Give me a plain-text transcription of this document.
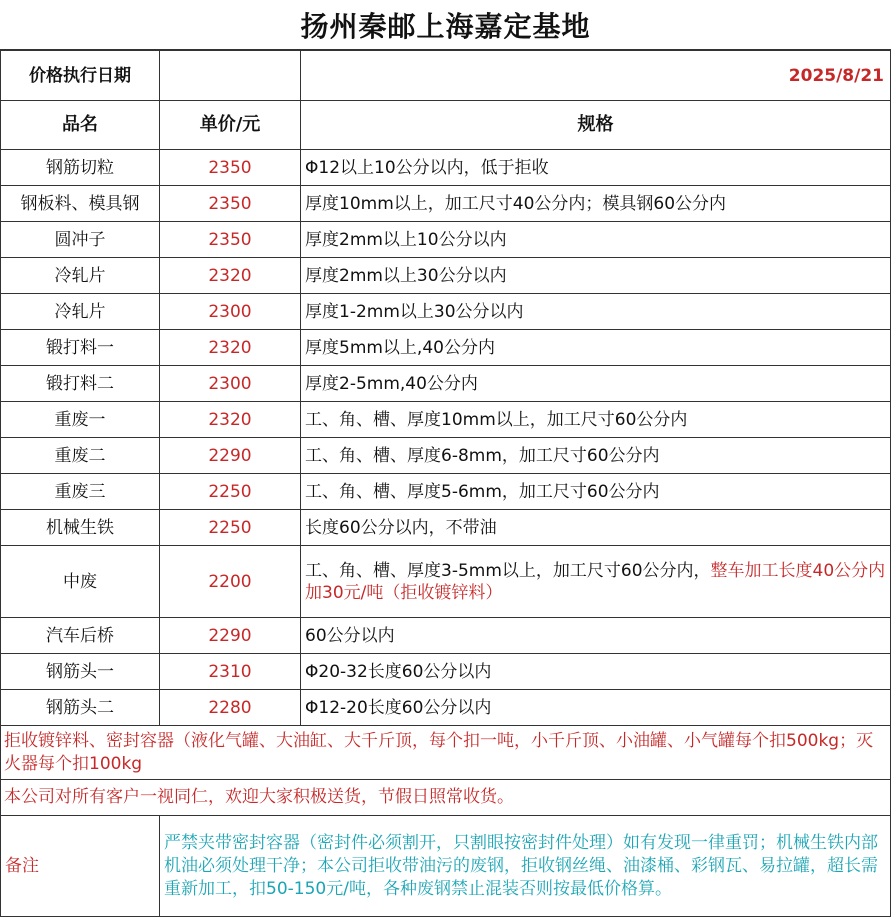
扬州秦邮上海嘉定基地
价格执行日期		2025/8/21
品名	单价/元	规格
钢筋切粒	2350	Φ12以上10公分以内，低于拒收
钢板料、模具钢	2350	厚度10mm以上，加工尺寸40公分内；模具钢60公分内
圆冲子	2350	厚度2mm以上10公分以内
冷轧片	2320	厚度2mm以上30公分以内
冷轧片	2300	厚度1-2mm以上30公分以内
锻打料一	2320	厚度5mm以上,40公分内
锻打料二	2300	厚度2-5mm,40公分内
重废一	2320	工、角、槽、厚度10mm以上，加工尺寸60公分内
重废二	2290	工、角、槽、厚度6-8mm，加工尺寸60公分内
重废三	2250	工、角、槽、厚度5-6mm，加工尺寸60公分内
机械生铁	2250	长度60公分以内，不带油
中废	2200	工、角、槽、厚度3-5mm以上，加工尺寸60公分内，整车加工长度40公分内加30元/吨（拒收镀锌料）
汽车后桥	2290	60公分以内
钢筋头一	2310	Φ20-32长度60公分以内
钢筋头二	2280	Φ12-20长度60公分以内
拒收镀锌料、密封容器（液化气罐、大油缸、大千斤顶，每个扣一吨，小千斤顶、小油罐、小气罐每个扣500kg；灭火器每个扣100kg		
本公司对所有客户一视同仁，欢迎大家积极送货，节假日照常收货。		
备注	严禁夹带密封容器（密封件必须割开，只割眼按密封件处理）如有发现一律重罚；机械生铁内部机油必须处理干净；本公司拒收带油污的废钢，拒收钢丝绳、油漆桶、彩钢瓦、易拉罐，超长需重新加工，扣50-150元/吨，各种废钢禁止混装否则按最低价格算。	
